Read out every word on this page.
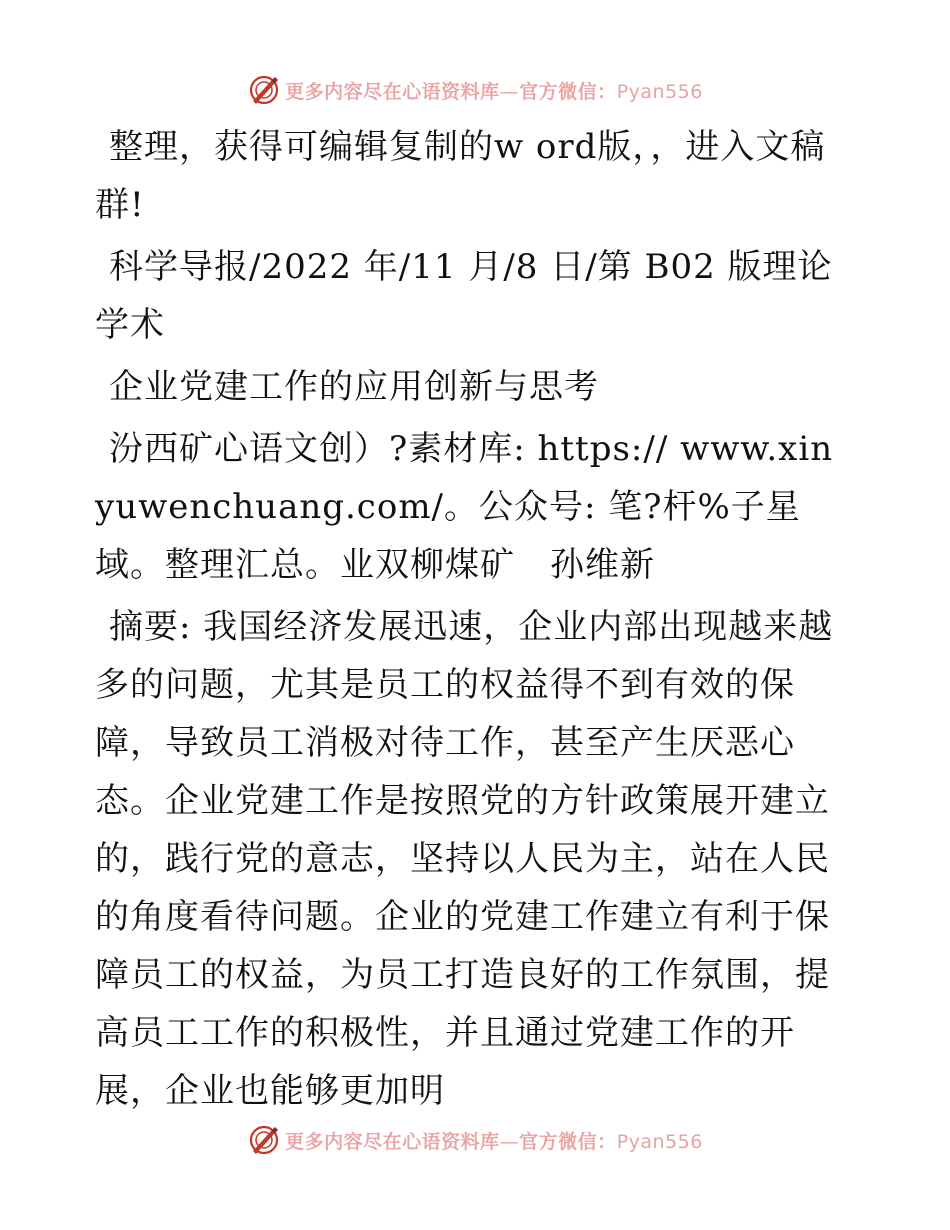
更多内容尽在心语资料库—官方微信：Pyan556

整理，获得可编辑复制的w ord版，，进入文稿群!

科学导报/2022 年/11 月/8 日/第 B02 版理论学术

企业党建工作的应用创新与思考

汾西矿心语文创）?素材库: https:// www.xinyuwenchuang.com/。公众号: 笔?杆%子星域。整理汇总。业双柳煤矿　孙维新

摘要: 我国经济发展迅速，企业内部出现越来越多的问题，尤其是员工的权益得不到有效的保障，导致员工消极对待工作，甚至产生厌恶心态。企业党建工作是按照党的方针政策展开建立的，践行党的意志，坚持以人民为主，站在人民的角度看待问题。企业的党建工作建立有利于保障员工的权益，为员工打造良好的工作氛围，提高员工工作的积极性，并且通过党建工作的开展，企业也能够更加明

更多内容尽在心语资料库—官方微信：Pyan556
